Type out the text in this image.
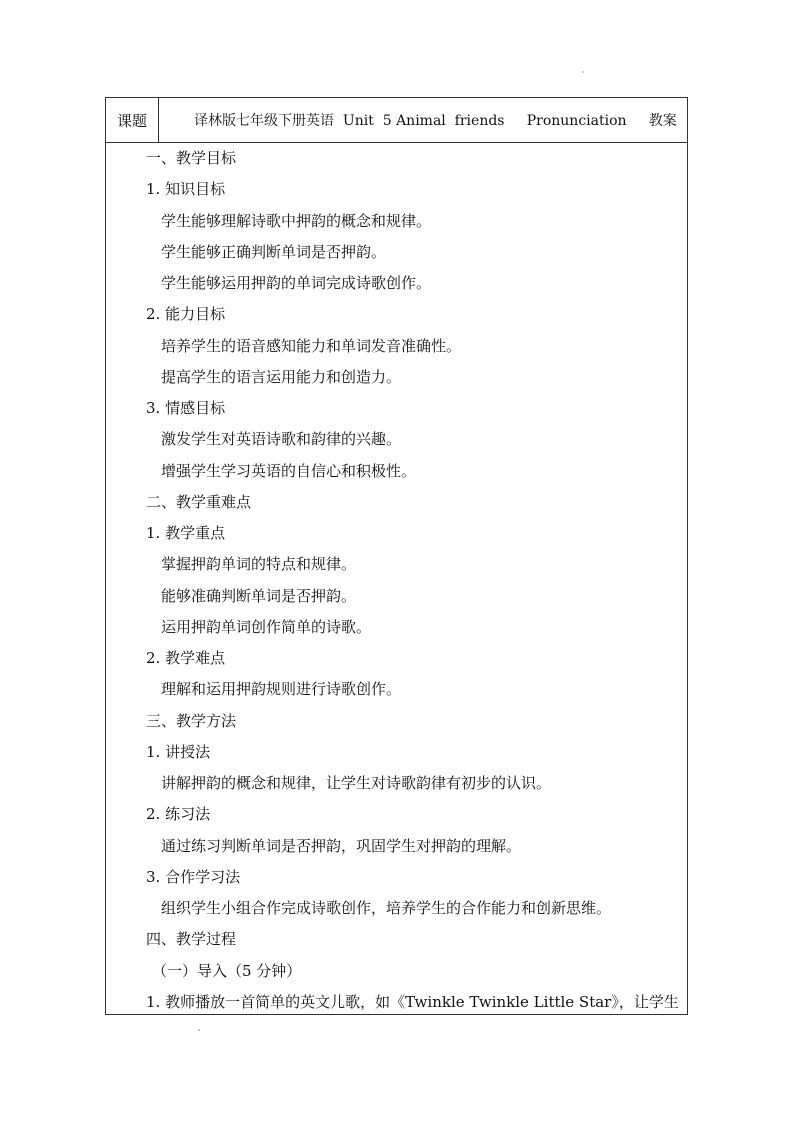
课题	译林版七年级下册英语  Unit  5 Animal  friends     Pronunciation     教案
一、教学目标
1. 知识目标
学生能够理解诗歌中押韵的概念和规律。
学生能够正确判断单词是否押韵。
学生能够运用押韵的单词完成诗歌创作。
2. 能力目标
培养学生的语音感知能力和单词发音准确性。
提高学生的语言运用能力和创造力。
3. 情感目标
激发学生对英语诗歌和韵律的兴趣。
增强学生学习英语的自信心和积极性。
二、教学重难点
1. 教学重点
掌握押韵单词的特点和规律。
能够准确判断单词是否押韵。
运用押韵单词创作简单的诗歌。
2. 教学难点
理解和运用押韵规则进行诗歌创作。
三、教学方法
1. 讲授法
讲解押韵的概念和规律，让学生对诗歌韵律有初步的认识。
2. 练习法
通过练习判断单词是否押韵，巩固学生对押韵的理解。
3. 合作学习法
组织学生小组合作完成诗歌创作，培养学生的合作能力和创新思维。
四、教学过程
（一）导入（5 分钟）
1. 教师播放一首简单的英文儿歌，如《Twinkle Twinkle Little Star》，让学生
